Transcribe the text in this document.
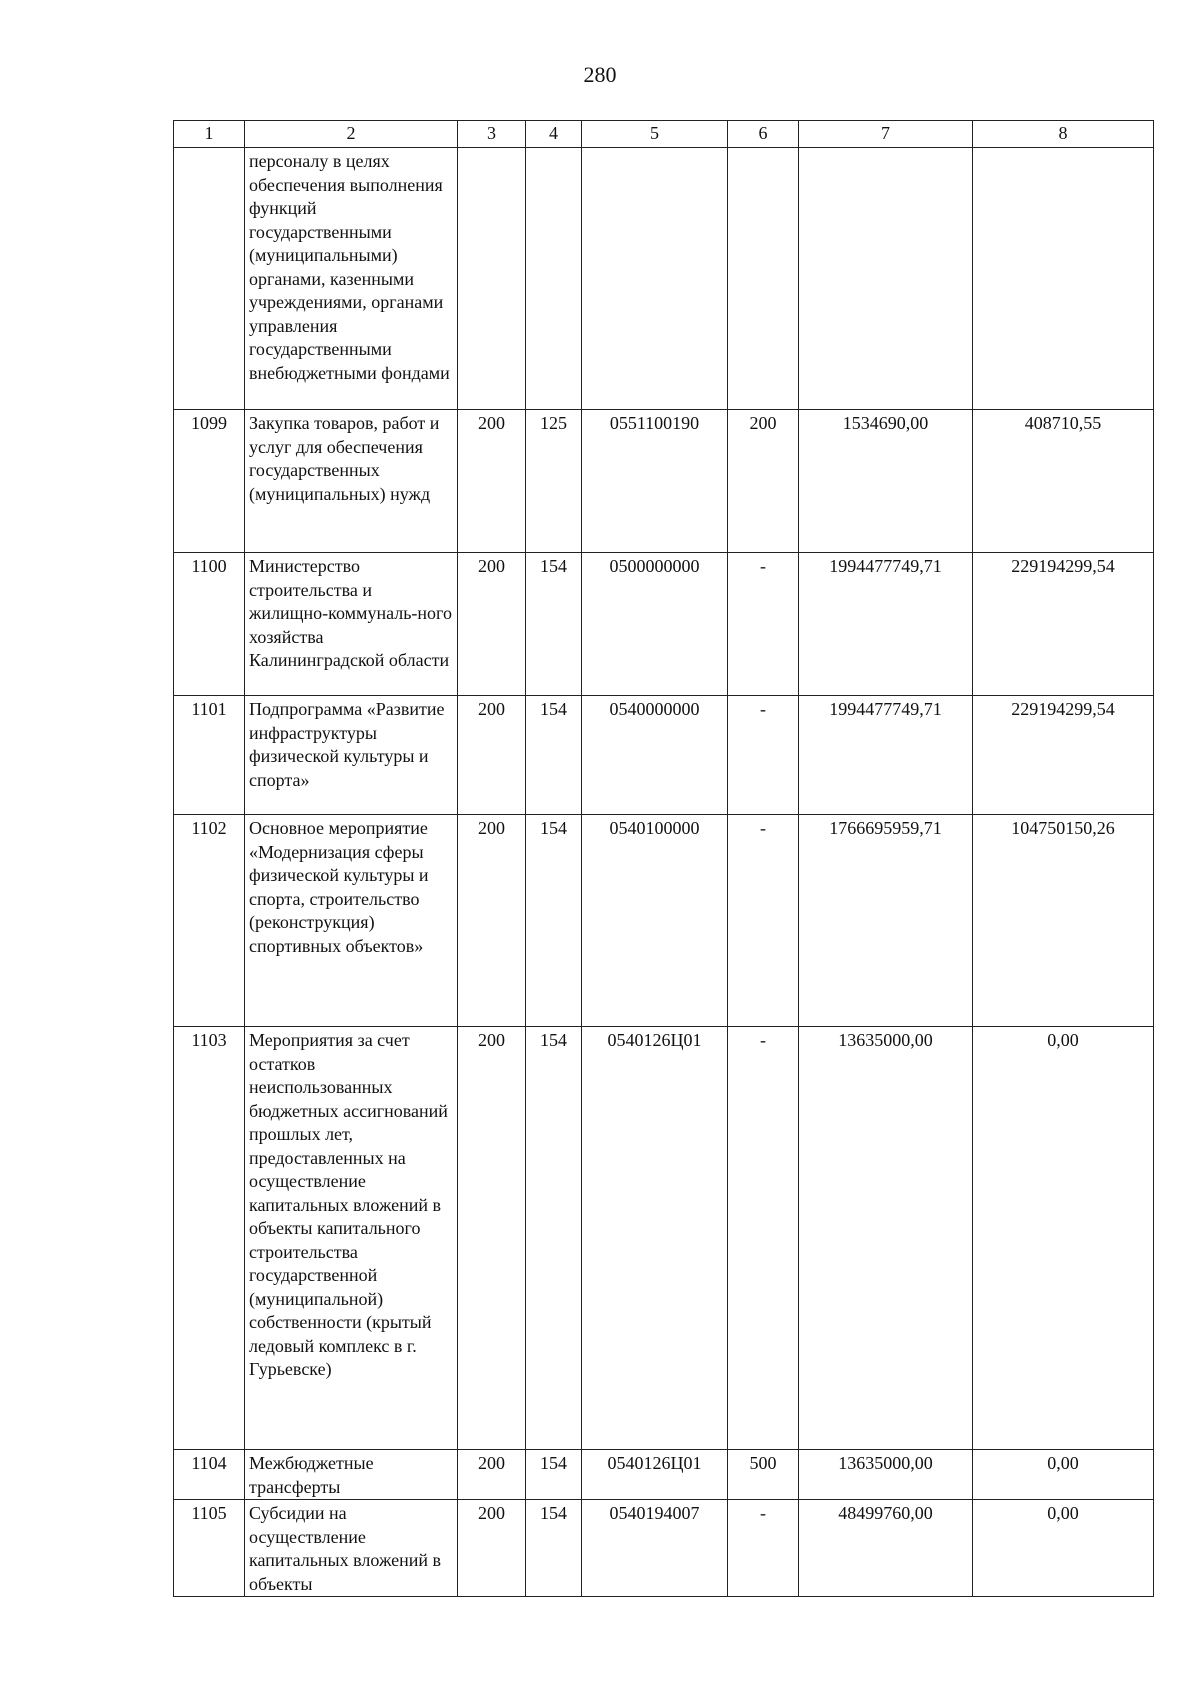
280
1	2	3	4	5	6	7	8
	персоналу в целях обеспечения выполнения функций государственными (муниципальными) органами, казенными учреждениями, органами управления государственными внебюджетными фондами						
1099	Закупка товаров, работ и услуг для обеспечения государственных (муниципальных) нужд	200	125	0551100190	200	1534690,00	408710,55
1100	Министерство строительства и жилищно-коммуналь-ного хозяйства Калининградской области	200	154	0500000000	-	1994477749,71	229194299,54
1101	Подпрограмма «Развитие инфраструктуры физической культуры и спорта»	200	154	0540000000	-	1994477749,71	229194299,54
1102	Основное мероприятие «Модернизация сферы физической культуры и спорта, строительство (реконструкция) спортивных объектов»	200	154	0540100000	-	1766695959,71	104750150,26
1103	Мероприятия за счет остатков неиспользованных бюджетных ассигнований прошлых лет, предоставленных на осуществление капитальных вложений в объекты капитального строительства государственной (муниципальной) собственности (крытый ледовый комплекс в г. Гурьевске)	200	154	0540126Ц01	-	13635000,00	0,00
1104	Межбюджетные трансферты	200	154	0540126Ц01	500	13635000,00	0,00
1105	Субсидии на осуществление капитальных вложений в объекты	200	154	0540194007	-	48499760,00	0,00
